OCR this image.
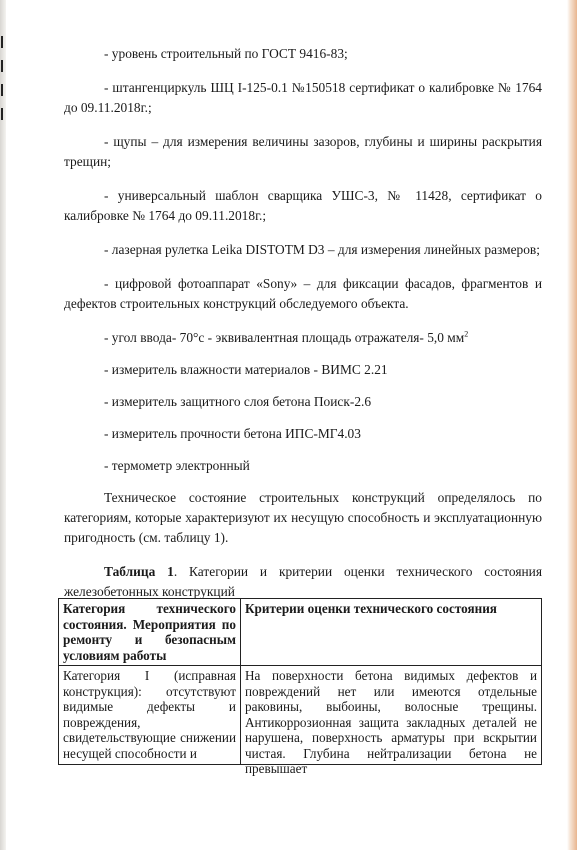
- уровень строительный по ГОСТ 9416-83;

- штангенциркуль ШЦ I-125-0.1 №150518 сертификат о калибровке № 1764 до 09.11.2018г.;

- щупы – для измерения величины зазоров, глубины и ширины раскрытия трещин;

- универсальный шаблон сварщика УШС-3, № 11428, сертификат о калибровке № 1764 до 09.11.2018г.;

- лазерная рулетка Leika DISTOTM D3 – для измерения линейных размеров;

- цифровой фотоаппарат «Sony» – для фиксации фасадов, фрагментов и дефектов строительных конструкций обследуемого объекта.

- угол ввода- 70°с - эквивалентная площадь отражателя- 5,0 $мм^2$

- измеритель влажности материалов - ВИМС 2.21

- измеритель защитного слоя бетона Поиск-2.6

- измеритель прочности бетона ИПС-МГ4.03

- термометр электронный

Техническое состояние строительных конструкций определялось по категориям, которые характеризуют их несущую способность и эксплуатационную пригодность (см. таблицу 1).

Таблица 1. Категории и критерии оценки технического состояния железобетонных конструкций

Категория технического состояния. Мероприятия по ремонту и безопасным условиям работы	Критерии оценки технического состояния

Категория I (исправная конструкция): отсутствуют видимые дефекты и повреждения, свидетельствующие снижении несущей способности и	На поверхности бетона видимых дефектов и повреждений нет или имеются отдельные раковины, выбоины, волосные трещины. Антикоррозионная защита закладных деталей не нарушена, поверхность арматуры при вскрытии чистая. Глубина нейтрализации бетона не превышает
